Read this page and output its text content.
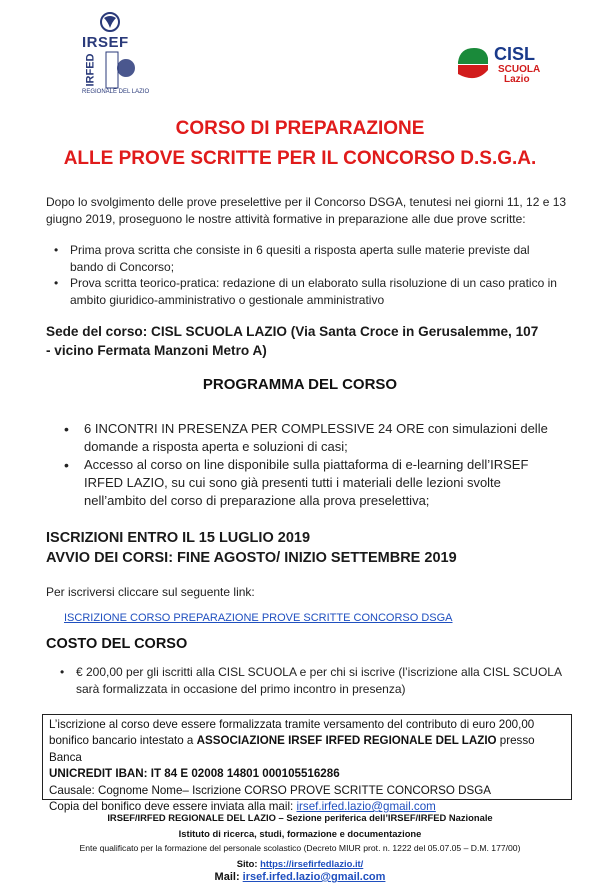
IRSEF
IRFED
REGIONALE DEL LAZIO
CISL
SCUOLA
Lazio
CORSO DI PREPARAZIONE
ALLE PROVE SCRITTE PER IL CONCORSO D.S.G.A.
Dopo lo svolgimento delle prove preselettive per il Concorso DSGA, tenutesi nei giorni 11, 12 e 13
giugno 2019, proseguono le nostre attività formative in preparazione alle due prove scritte:
• Prima prova scritta che consiste in 6 quesiti a risposta aperta sulle materie previste dal
bando di Concorso;
• Prova scritta teorico-pratica: redazione di un elaborato sulla risoluzione di un caso pratico in
ambito giuridico-amministrativo o gestionale amministrativo
Sede del corso: CISL SCUOLA LAZIO (Via Santa Croce in Gerusalemme, 107
- vicino Fermata Manzoni Metro A)
PROGRAMMA DEL CORSO
• 6 INCONTRI IN PRESENZA PER COMPLESSIVE 24 ORE con simulazioni delle
domande a risposta aperta e soluzioni di casi;
• Accesso al corso on line disponibile sulla piattaforma di e-learning dell’IRSEF
IRFED LAZIO, su cui sono già presenti tutti i materiali delle lezioni svolte
nell’ambito del corso di preparazione alla prova preselettiva;
ISCRIZIONI ENTRO IL 15 LUGLIO 2019
AVVIO DEI CORSI: FINE AGOSTO/ INIZIO SETTEMBRE 2019
Per iscriversi cliccare sul seguente link:
ISCRIZIONE CORSO PREPARAZIONE PROVE SCRITTE CONCORSO DSGA
COSTO DEL CORSO
• € 200,00 per gli iscritti alla CISL SCUOLA e per chi si iscrive (l’iscrizione alla CISL SCUOLA
sarà formalizzata in occasione del primo incontro in presenza)
L’iscrizione al corso deve essere formalizzata tramite versamento del contributo di euro 200,00
bonifico bancario intestato a ASSOCIAZIONE IRSEF IRFED REGIONALE DEL LAZIO presso Banca
UNICREDIT IBAN: IT 84 E 02008 14801 000105516286
Causale: Cognome Nome– Iscrizione CORSO PROVE SCRITTE CONCORSO DSGA
Copia del bonifico deve essere inviata alla mail: irsef.irfed.lazio@gmail.com
IRSEF/IRFED REGIONALE DEL LAZIO – Sezione periferica dell’IRSEF/IRFED Nazionale
Istituto di ricerca, studi, formazione e documentazione
Ente qualificato per la formazione del personale scolastico (Decreto MIUR prot. n. 1222 del 05.07.05 – D.M. 177/00)
Sito: https://irsefirfedlazio.it/
Mail: irsef.irfed.lazio@gmail.com
